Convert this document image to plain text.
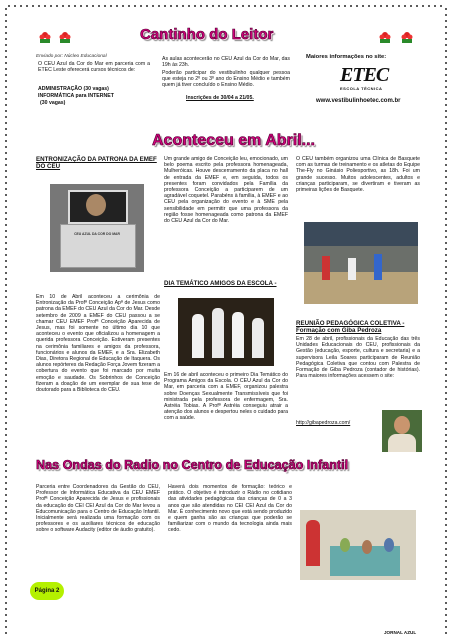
Cantinho do Leitor
Enviado por: Núcleo Educacional
O CEU Azul da Cor do Mar em parceria com a ETEC Leste oferecerá cursos técnicos de:
ADMINISTRAÇÃO (30 vagas)
INFORMÁTICA para INTERNET
(30 vagas)
As aulas acontecerão no CEU Azul da Cor do Mar, das 19h às 23h.
Poderão participar do vestibulinho qualquer pessoa que esteja no 2º ou 3º ano do Ensino Médio e também quem já tiver concluído o Ensino Médio.
Inscrições de 30/04 a 21/05.
Maiores informações no site:
ETEC
ESCOLA TÉCNICA
www.vestibulinhoetec.com.br
Aconteceu em Abril...
ENTRONIZAÇÃO DA PATRONA DA EMEF DO CEU
CEU AZUL DA COR DO MAR
Em 10 de Abril aconteceu a cerimônia de Entronização da Profª Conceição Apª de Jesus como patrona da EMEF do CEU Azul da Cor do Mar. Desde setembro de 2009 a EMEF do CEU passou a se chamar CEU EMEF Profª Conceição Aparecida de Jesus, mas foi somente no último dia 10 que aconteceu o evento que oficializou a homenagem a querida professora Conceição. Estiveram presentes na cerimônia familiares e amigos da professora, funcionários e alunos da EMEF, e a Sra. Elizabeth Dias, Diretora Regional de Educação de Itaquera. Os alunos repórteres da Redação Força Jovem fizeram a cobertura do evento que foi marcado por muita emoção e saudade. Os Sobrinhos de Conceição fizeram a doação de um exemplar de sua tese de doutorado para a Biblioteca do CEU.
Um grande amigo de Conceição leu, emocionado, um belo poema escrito pela professora homenageada, Mulheróicas. Houve descerramento da placa no hall de entrada da EMEF e, em seguida, todos os presentes foram convidados pela Família da professora Conceição a participarem de um agradável coquetel. Parabéns à família, à EMEF e ao CEU pela organização do evento e à SME pela sensibilidade em permitir que uma professora da região fosse homenageada como patrona da EMEF do CEU Azul da Cor do Mar.
DIA TEMÁTICO AMIGOS DA ESCOLA -
Em 16 de abril aconteceu o primeiro Dia Temático do Programa Amigos da Escola. O CEU Azul da Cor do Mar, em parceria com a EMEF, organizou palestra sobre Doenças Sexualmente Transmissíveis que foi ministrada pela professora de enfermagem, Sra. Astréia Tobias. A Profª Astréia conseguiu atrair a atenção dos alunos e despertou neles o cuidado para com a saúde.
O CEU também organizou uma Clínica de Basquete com as turmas de treinamento e os atletas do Equipe The-Fly no Ginásio Poliesportivo, as 18h. Foi um grande sucesso. Muitos adolescentes, adultos e crianças participaram, se divertiram e tiveram as primeiras lições de Basquete.
REUNIÃO PEDAGÓGICA COLETIVA - Formação com Giba Pedroza
Em 28 de abril, profissionais da Educação das três Unidades Educacionais do CEU, profissionais da Gestão (educação, esporte, cultura e secretaria) e a supervisora Leila Soares participaram de Reunião Pedagógica Coletiva que contou com Palestra de Formação de Giba Pedroza (contador de histórias). Para maiores informações acessem o site:
http://gibapedroza.com/
Nas Ondas do Radio no Centro de Educação Infantil
Parceria entre Coordenadores da Gestão do CEU, Professor de Informática Educativa da CEU EMEF Profª Conceição Aparecida de Jesus e profissionais da educação do CEI CEI Azul da Cor do Mar levou a Educomunicação para o Centro de Educação Infantil. Inicialmente será realizada uma formação com os professores e os auxiliares técnicos de educação sobre o software Audacity (editor de áudio gratuito).
Haverá dois momentos de formação: teórico e prático. O objetivo é introduzir o Rádio no cotidiano das atividades pedagógicas das crianças de 0 a 3 anos que são atendidas no CEI CEI Azul da Cor do Mar. É conhecimento novo que está sendo produzido e quem ganha são as crianças que poderão se familiarizar com o mundo da tecnologia ainda mais cedo.
Página 2
JORNAL AZUL
